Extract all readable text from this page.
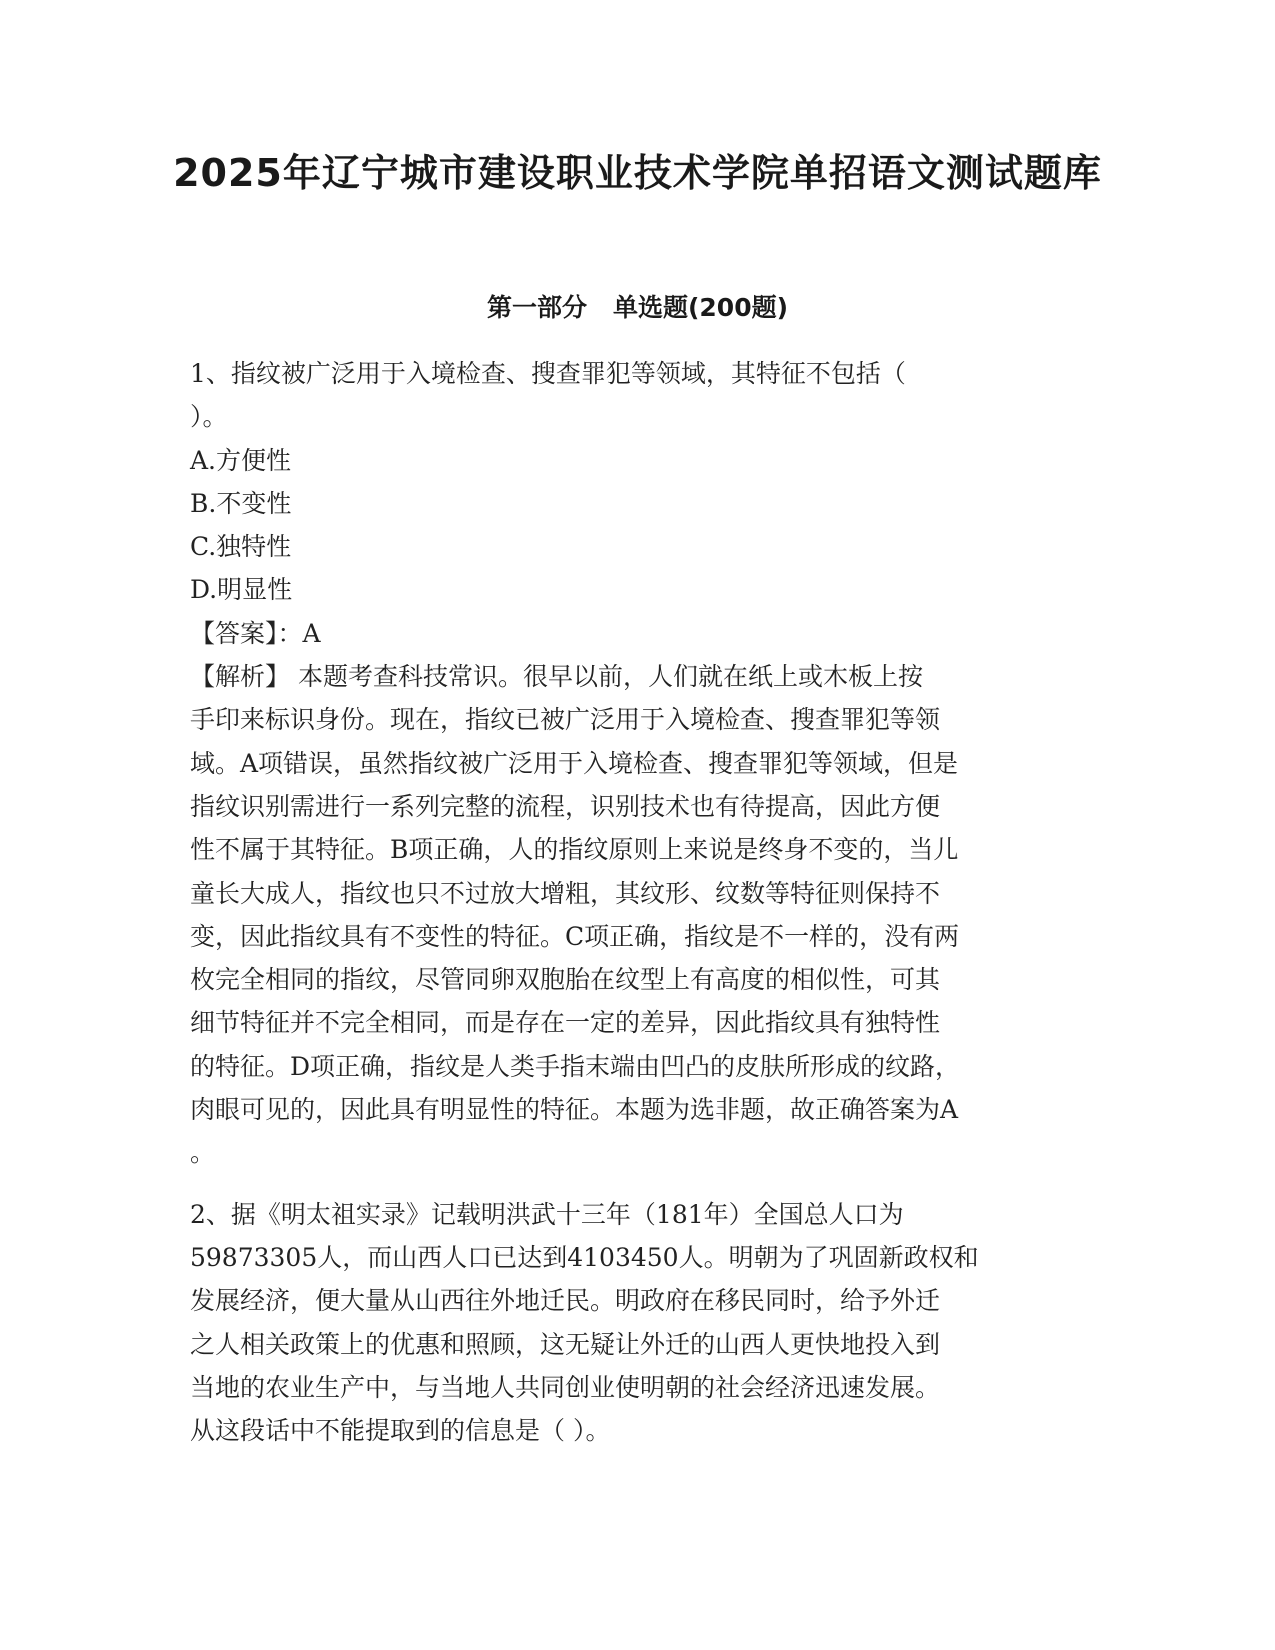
2025年辽宁城市建设职业技术学院单招语文测试题库
第一部分 单选题(200题)
1、指纹被广泛用于入境检查、搜查罪犯等领域，其特征不包括（
）。
A.方便性
B.不变性
C.独特性
D.明显性
【答案】：A
【解析】 本题考查科技常识。很早以前，人们就在纸上或木板上按
手印来标识身份。现在，指纹已被广泛用于入境检查、搜查罪犯等领
域。A项错误，虽然指纹被广泛用于入境检查、搜查罪犯等领域，但是
指纹识别需进行一系列完整的流程，识别技术也有待提高，因此方便
性不属于其特征。B项正确，人的指纹原则上来说是终身不变的，当儿
童长大成人，指纹也只不过放大增粗，其纹形、纹数等特征则保持不
变，因此指纹具有不变性的特征。C项正确，指纹是不一样的，没有两
枚完全相同的指纹，尽管同卵双胞胎在纹型上有高度的相似性，可其
细节特征并不完全相同，而是存在一定的差异，因此指纹具有独特性
的特征。D项正确，指纹是人类手指末端由凹凸的皮肤所形成的纹路，
肉眼可见的，因此具有明显性的特征。本题为选非题，故正确答案为A
。
2、据《明太祖实录》记载明洪武十三年（181年）全国总人口为
59873305人，而山西人口已达到4103450人。明朝为了巩固新政权和
发展经济，便大量从山西往外地迁民。明政府在移民同时，给予外迁
之人相关政策上的优惠和照顾，这无疑让外迁的山西人更快地投入到
当地的农业生产中，与当地人共同创业使明朝的社会经济迅速发展。
从这段话中不能提取到的信息是（ ）。
